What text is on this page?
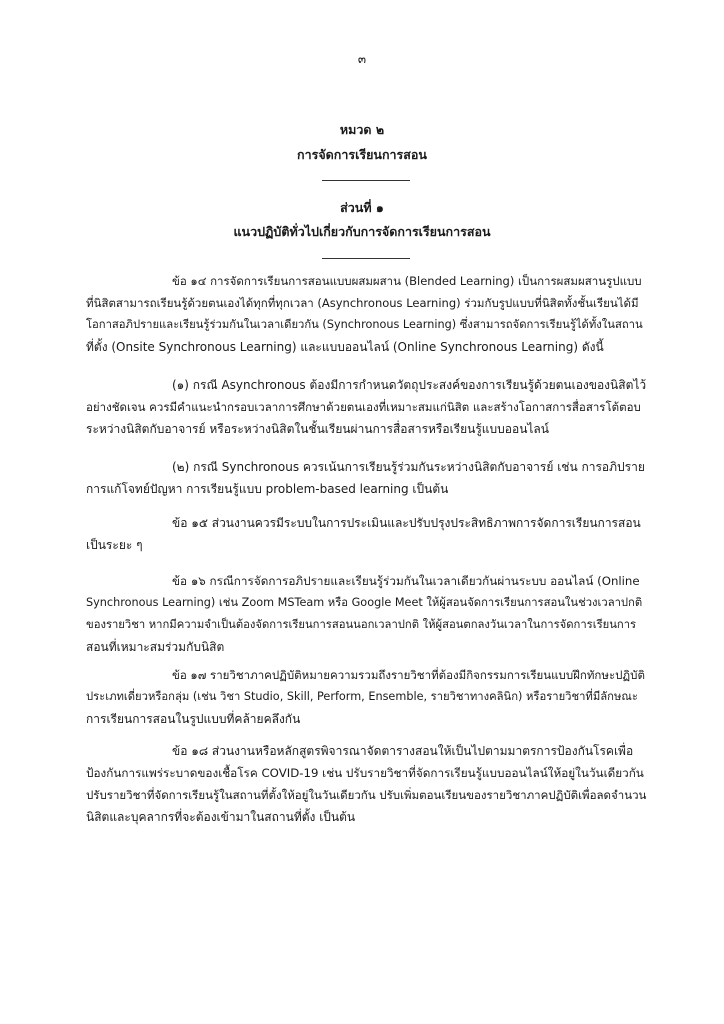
๓
หมวด ๒
การจัดการเรียนการสอน
ส่วนที่ ๑
แนวปฏิบัติทั่วไปเกี่ยวกับการจัดการเรียนการสอน
ข้อ ๑๔ การจัดการเรียนการสอนแบบผสมผสาน (Blended Learning) เป็นการผสมผสานรูปแบบ
ที่นิสิตสามารถเรียนรู้ด้วยตนเองได้ทุกที่ทุกเวลา (Asynchronous Learning) ร่วมกับรูปแบบที่นิสิตทั้งชั้นเรียนได้มี
โอกาสอภิปรายและเรียนรู้ร่วมกันในเวลาเดียวกัน (Synchronous Learning) ซึ่งสามารถจัดการเรียนรู้ได้ทั้งในสถาน
ที่ตั้ง (Onsite Synchronous Learning) และแบบออนไลน์ (Online Synchronous Learning) ดังนี้
(๑) กรณี Asynchronous ต้องมีการกำหนดวัตถุประสงค์ของการเรียนรู้ด้วยตนเองของนิสิตไว้
อย่างชัดเจน ควรมีคำแนะนำกรอบเวลาการศึกษาด้วยตนเองที่เหมาะสมแก่นิสิต และสร้างโอกาสการสื่อสารโต้ตอบ
ระหว่างนิสิตกับอาจารย์ หรือระหว่างนิสิตในชั้นเรียนผ่านการสื่อสารหรือเรียนรู้แบบออนไลน์
(๒) กรณี Synchronous ควรเน้นการเรียนรู้ร่วมกันระหว่างนิสิตกับอาจารย์ เช่น การอภิปราย
การแก้โจทย์ปัญหา การเรียนรู้แบบ problem-based learning เป็นต้น
ข้อ ๑๕ ส่วนงานควรมีระบบในการประเมินและปรับปรุงประสิทธิภาพการจัดการเรียนการสอน
เป็นระยะ ๆ
ข้อ ๑๖ กรณีการจัดการอภิปรายและเรียนรู้ร่วมกันในเวลาเดียวกันผ่านระบบ ออนไลน์ (Online
Synchronous Learning) เช่น Zoom MSTeam หรือ Google Meet ให้ผู้สอนจัดการเรียนการสอนในช่วงเวลาปกติ
ของรายวิชา หากมีความจำเป็นต้องจัดการเรียนการสอนนอกเวลาปกติ ให้ผู้สอนตกลงวันเวลาในการจัดการเรียนการ
สอนที่เหมาะสมร่วมกับนิสิต
ข้อ ๑๗ รายวิชาภาคปฏิบัติหมายความรวมถึงรายวิชาที่ต้องมีกิจกรรมการเรียนแบบฝึกทักษะปฏิบัติ
ประเภทเดี่ยวหรือกลุ่ม (เช่น วิชา Studio, Skill, Perform, Ensemble, รายวิชาทางคลินิก) หรือรายวิชาที่มีลักษณะ
การเรียนการสอนในรูปแบบที่คล้ายคลึงกัน
ข้อ ๑๘ ส่วนงานหรือหลักสูตรพิจารณาจัดตารางสอนให้เป็นไปตามมาตรการป้องกันโรคเพื่อ
ป้องกันการแพร่ระบาดของเชื้อโรค COVID-19 เช่น ปรับรายวิชาที่จัดการเรียนรู้แบบออนไลน์ให้อยู่ในวันเดียวกัน
ปรับรายวิชาที่จัดการเรียนรู้ในสถานที่ตั้งให้อยู่ในวันเดียวกัน ปรับเพิ่มตอนเรียนของรายวิชาภาคปฏิบัติเพื่อลดจำนวน
นิสิตและบุคลากรที่จะต้องเข้ามาในสถานที่ตั้ง เป็นต้น
